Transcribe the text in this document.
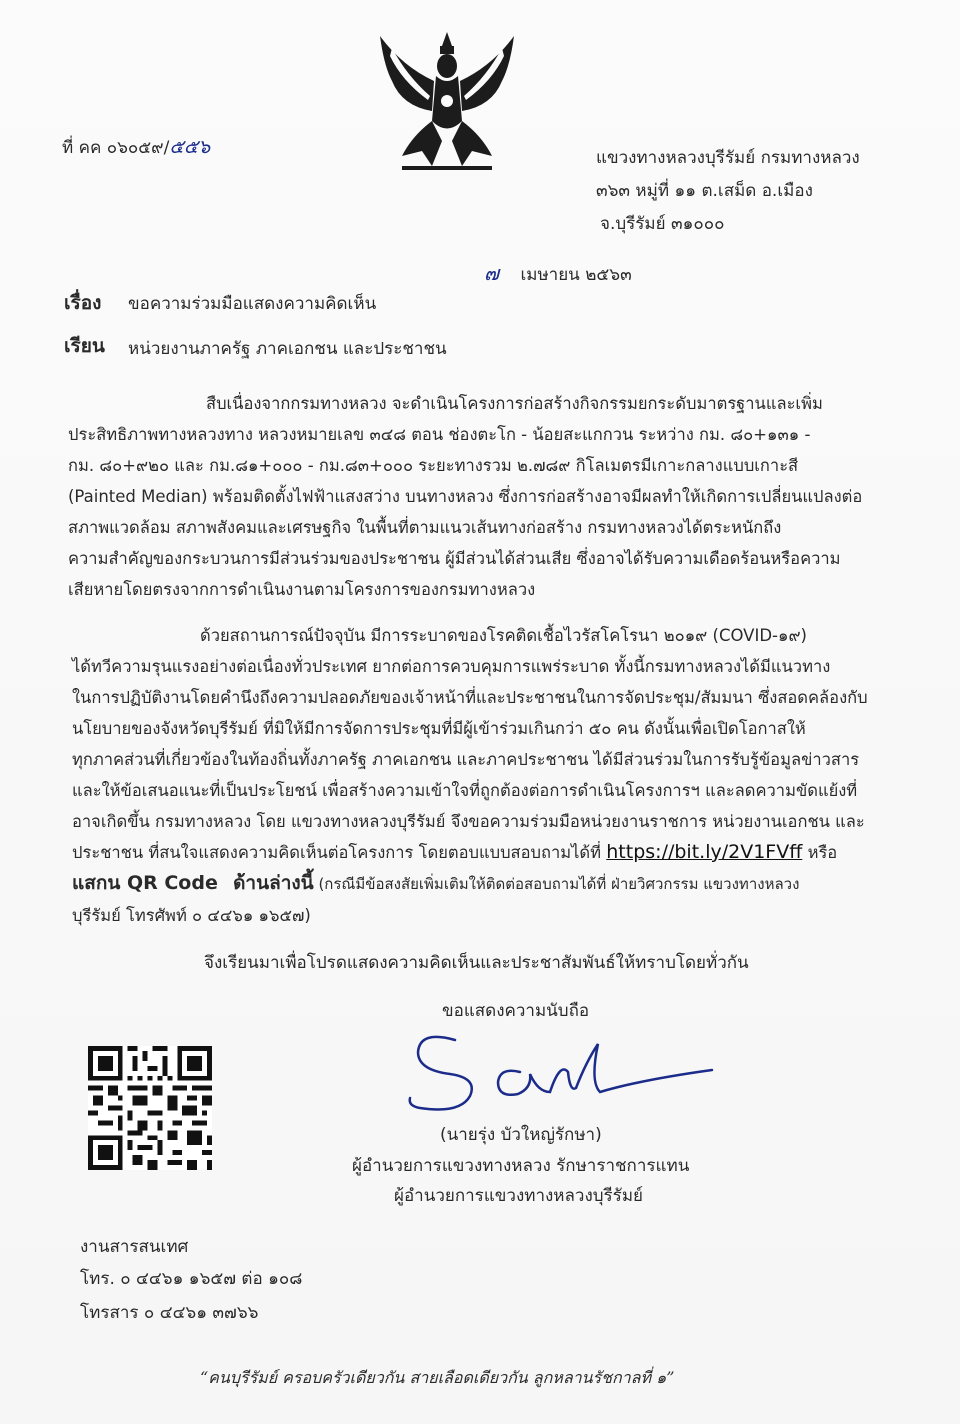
ที่ คค ๐๖๐๕๙/๕๕๖	แขวงทางหลวงบุรีรัมย์ กรมทางหลวง
๓๖๓ หมู่ที่ ๑๑ ต.เสม็ด อ.เมือง
จ.บุรีรัมย์ ๓๑๐๐๐
๗ เมษายน ๒๕๖๓
เรื่อง ขอความร่วมมือแสดงความคิดเห็น
เรียน หน่วยงานภาครัฐ ภาคเอกชน และประชาชน
สืบเนื่องจากกรมทางหลวง จะดำเนินโครงการก่อสร้างกิจกรรมยกระดับมาตรฐานและเพิ่ม
ประสิทธิภาพทางหลวงทาง หลวงหมายเลข ๓๔๘ ตอน ช่องตะโก - น้อยสะแกกวน ระหว่าง กม. ๘๐+๑๓๑ -
กม. ๘๐+๙๒๐ และ กม.๘๑+๐๐๐ - กม.๘๓+๐๐๐ ระยะทางรวม ๒.๗๘๙ กิโลเมตรมีเกาะกลางแบบเกาะสี
(Painted Median) พร้อมติดตั้งไฟฟ้าแสงสว่าง บนทางหลวง ซึ่งการก่อสร้างอาจมีผลทำให้เกิดการเปลี่ยนแปลงต่อ
สภาพแวดล้อม สภาพสังคมและเศรษฐกิจ ในพื้นที่ตามแนวเส้นทางก่อสร้าง กรมทางหลวงได้ตระหนักถึง
ความสำคัญของกระบวนการมีส่วนร่วมของประชาชน ผู้มีส่วนได้ส่วนเสีย ซึ่งอาจได้รับความเดือดร้อนหรือความ
เสียหายโดยตรงจากการดำเนินงานตามโครงการของกรมทางหลวง
ด้วยสถานการณ์ปัจจุบัน มีการระบาดของโรคติดเชื้อไวรัสโคโรนา ๒๐๑๙ (COVID-๑๙)
ได้ทวีความรุนแรงอย่างต่อเนื่องทั่วประเทศ ยากต่อการควบคุมการแพร่ระบาด ทั้งนี้กรมทางหลวงได้มีแนวทาง
ในการปฏิบัติงานโดยคำนึงถึงความปลอดภัยของเจ้าหน้าที่และประชาชนในการจัดประชุม/สัมมนา ซึ่งสอดคล้องกับ
นโยบายของจังหวัดบุรีรัมย์ ที่มิให้มีการจัดการประชุมที่มีผู้เข้าร่วมเกินกว่า ๕๐ คน ดังนั้นเพื่อเปิดโอกาสให้
ทุกภาคส่วนที่เกี่ยวข้องในท้องถิ่นทั้งภาครัฐ ภาคเอกชน และภาคประชาชน ได้มีส่วนร่วมในการรับรู้ข้อมูลข่าวสาร
และให้ข้อเสนอแนะที่เป็นประโยชน์ เพื่อสร้างความเข้าใจที่ถูกต้องต่อการดำเนินโครงการฯ และลดความขัดแย้งที่
อาจเกิดขึ้น กรมทางหลวง โดย แขวงทางหลวงบุรีรัมย์ จึงขอความร่วมมือหน่วยงานราชการ หน่วยงานเอกชน และ
ประชาชน ที่สนใจแสดงความคิดเห็นต่อโครงการ โดยตอบแบบสอบถามได้ที่ https://bit.ly/2V1FVff หรือ
แสกน QR Code ด้านล่างนี้ (กรณีมีข้อสงสัยเพิ่มเติมให้ติดต่อสอบถามได้ที่ ฝ่ายวิศวกรรม แขวงทางหลวง
บุรีรัมย์ โทรศัพท์ ๐ ๔๔๖๑ ๑๖๕๗)
จึงเรียนมาเพื่อโปรดแสดงความคิดเห็นและประชาสัมพันธ์ให้ทราบโดยทั่วกัน
ขอแสดงความนับถือ
(นายรุ่ง บัวใหญ่รักษา)
ผู้อำนวยการแขวงทางหลวง รักษาราชการแทน
ผู้อำนวยการแขวงทางหลวงบุรีรัมย์
งานสารสนเทศ
โทร. ๐ ๔๔๖๑ ๑๖๕๗ ต่อ ๑๐๘
โทรสาร ๐ ๔๔๖๑ ๓๗๖๖
“คนบุรีรัมย์ ครอบครัวเดียวกัน สายเลือดเดียวกัน ลูกหลานรัชกาลที่ ๑”
